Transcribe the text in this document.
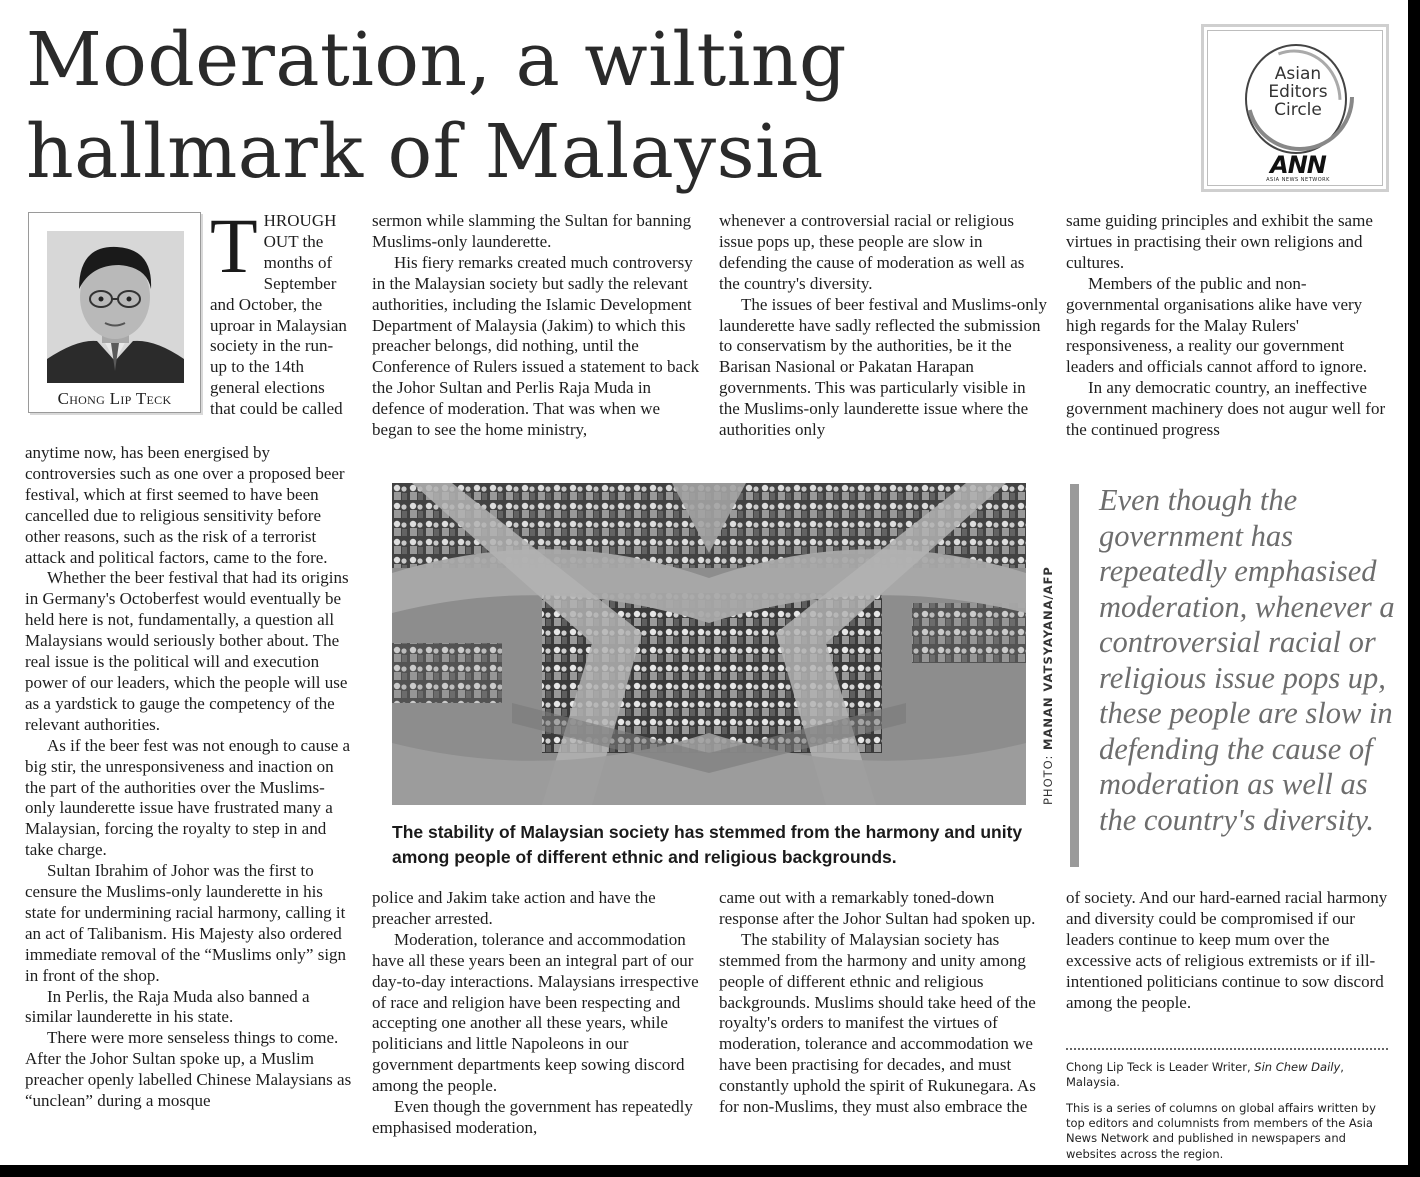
Moderation, a wilting hallmark of Malaysia
Asian
Editors
Circle
ANN
ASIA NEWS NETWORK
Chong Lip Teck
T HROUGH OUT the months of September and October, the uproar in Malaysian society in the run-up to the 14th general elections that could be called

anytime now, has been energised by controversies such as one over a proposed beer festival, which at first seemed to have been cancelled due to religious sensitivity before other reasons, such as the risk of a terrorist attack and political factors, came to the fore.

Whether the beer festival that had its origins in Germany's Octoberfest would eventually be held here is not, fundamentally, a question all Malaysians would seriously bother about. The real issue is the political will and execution power of our leaders, which the people will use as a yardstick to gauge the competency of the relevant authorities.

As if the beer fest was not enough to cause a big stir, the unresponsiveness and inaction on the part of the authorities over the Muslims-only launderette issue have frustrated many a Malaysian, forcing the royalty to step in and take charge.

Sultan Ibrahim of Johor was the first to censure the Muslims-only launderette in his state for undermining racial harmony, calling it an act of Talibanism. His Majesty also ordered immediate removal of the “Muslims only” sign in front of the shop.

In Perlis, the Raja Muda also banned a similar launderette in his state.

There were more senseless things to come. After the Johor Sultan spoke up, a Muslim preacher openly labelled Chinese Malaysians as “unclean” during a mosque

sermon while slamming the Sultan for banning Muslims-only launderette.

His fiery remarks created much controversy in the Malaysian society but sadly the relevant authorities, including the Islamic Development Department of Malaysia (Jakim) to which this preacher belongs, did nothing, until the Conference of Rulers issued a statement to back the Johor Sultan and Perlis Raja Muda in defence of moderation. That was when we began to see the home ministry,

whenever a controversial racial or religious issue pops up, these people are slow in defending the cause of moderation as well as the country's diversity.

The issues of beer festival and Muslims-only launderette have sadly reflected the submission to conservatism by the authorities, be it the Barisan Nasional or Pakatan Harapan governments. This was particularly visible in the Muslims-only launderette issue where the authorities only

same guiding principles and exhibit the same virtues in practising their own religions and cultures.

Members of the public and non-governmental organisations alike have very high regards for the Malay Rulers' responsiveness, a reality our government leaders and officials cannot afford to ignore.

In any democratic country, an ineffective government machinery does not augur well for the continued progress

PHOTO: MANAN VATSYAYANA/AFP

The stability of Malaysian society has stemmed from the harmony and unity among people of different ethnic and religious backgrounds.

Even though the government has repeatedly emphasised moderation, whenever a controversial racial or religious issue pops up, these people are slow in defending the cause of moderation as well as the country's diversity.

police and Jakim take action and have the preacher arrested.

Moderation, tolerance and accommodation have all these years been an integral part of our day-to-day interactions. Malaysians irrespective of race and religion have been respecting and accepting one another all these years, while politicians and little Napoleons in our government departments keep sowing discord among the people.

Even though the government has repeatedly emphasised moderation,

came out with a remarkably toned-down response after the Johor Sultan had spoken up.

The stability of Malaysian society has stemmed from the harmony and unity among people of different ethnic and religious backgrounds. Muslims should take heed of the royalty's orders to manifest the virtues of moderation, tolerance and accommodation we have been practising for decades, and must constantly uphold the spirit of Rukunegara. As for non-Muslims, they must also embrace the

of society. And our hard-earned racial harmony and diversity could be compromised if our leaders continue to keep mum over the excessive acts of religious extremists or if ill-intentioned politicians continue to sow discord among the people.

Chong Lip Teck is Leader Writer, Sin Chew Daily, Malaysia.

This is a series of columns on global affairs written by top editors and columnists from members of the Asia News Network and published in newspapers and websites across the region.
